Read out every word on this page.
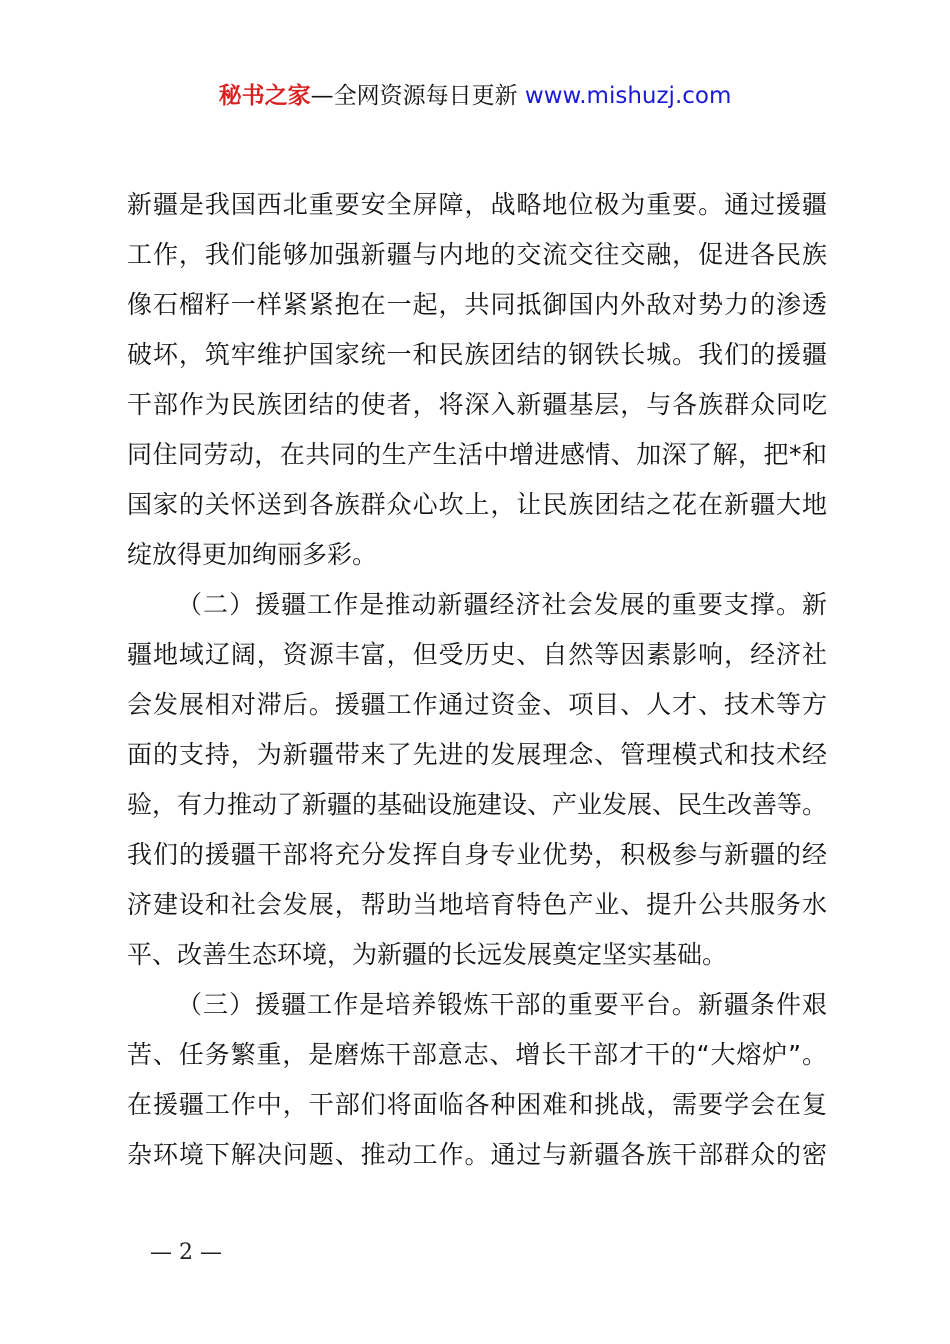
秘书之家—全网资源每日更新 www.mishuzj.com
新疆是我国西北重要安全屏障，战略地位极为重要。通过援疆
工作，我们能够加强新疆与内地的交流交往交融，促进各民族
像石榴籽一样紧紧抱在一起，共同抵御国内外敌对势力的渗透
破坏，筑牢维护国家统一和民族团结的钢铁长城。我们的援疆
干部作为民族团结的使者，将深入新疆基层，与各族群众同吃
同住同劳动，在共同的生产生活中增进感情、加深了解，把*和
国家的关怀送到各族群众心坎上，让民族团结之花在新疆大地
绽放得更加绚丽多彩。
（二）援疆工作是推动新疆经济社会发展的重要支撑。新
疆地域辽阔，资源丰富，但受历史、自然等因素影响，经济社
会发展相对滞后。援疆工作通过资金、项目、人才、技术等方
面的支持，为新疆带来了先进的发展理念、管理模式和技术经
验，有力推动了新疆的基础设施建设、产业发展、民生改善等。
我们的援疆干部将充分发挥自身专业优势，积极参与新疆的经
济建设和社会发展，帮助当地培育特色产业、提升公共服务水
平、改善生态环境，为新疆的长远发展奠定坚实基础。
（三）援疆工作是培养锻炼干部的重要平台。新疆条件艰
苦、任务繁重，是磨炼干部意志、增长干部才干的“大熔炉”。
在援疆工作中，干部们将面临各种困难和挑战，需要学会在复
杂环境下解决问题、推动工作。通过与新疆各族干部群众的密
— 2 —
